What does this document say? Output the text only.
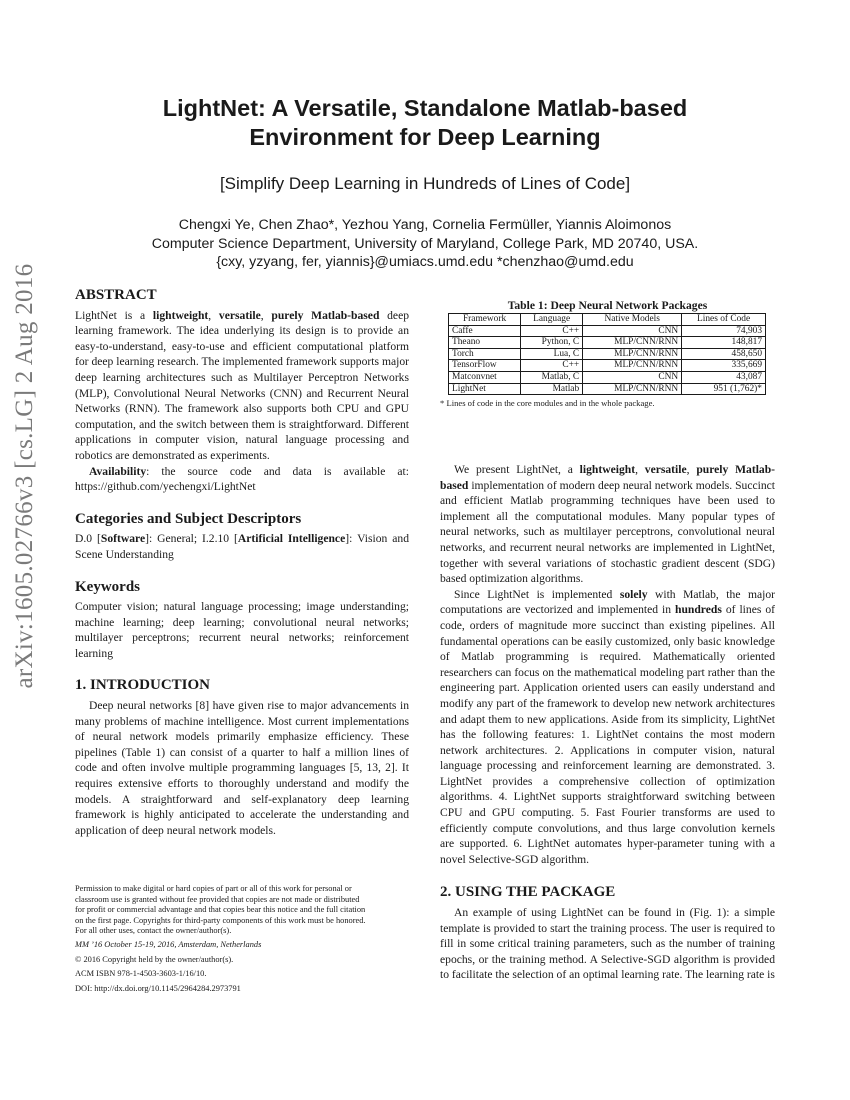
arXiv:1605.02766v3 [cs.LG] 2 Aug 2016
LightNet: A Versatile, Standalone Matlab-based
Environment for Deep Learning
[Simplify Deep Learning in Hundreds of Lines of Code]
Chengxi Ye, Chen Zhao*, Yezhou Yang, Cornelia Fermüller, Yiannis Aloimonos
Computer Science Department, University of Maryland, College Park, MD 20740, USA.
{cxy, yzyang, fer, yiannis}@umiacs.umd.edu *chenzhao@umd.edu
ABSTRACT

LightNet is a lightweight, versatile, purely Matlab-based deep learning framework. The idea underlying its design is to provide an easy-to-understand, easy-to-use and efficient computational platform for deep learning research. The implemented framework supports major deep learning architectures such as Multilayer Perceptron Networks (MLP), Convolutional Neural Networks (CNN) and Recurrent Neural Networks (RNN). The framework also supports both CPU and GPU computation, and the switch between them is straightforward. Different applications in computer vision, natural language processing and robotics are demonstrated as experiments.

Availability: the source code and data is available at: https://github.com/yechengxi/LightNet

Categories and Subject Descriptors

D.0 [Software]: General; I.2.10 [Artificial Intelligence]: Vision and Scene Understanding

Keywords

Computer vision; natural language processing; image understanding; machine learning; deep learning; convolutional neural networks; multilayer perceptrons; recurrent neural networks; reinforcement learning

1. INTRODUCTION

Deep neural networks [8] have given rise to major advancements in many problems of machine intelligence. Most current implementations of neural network models primarily emphasize efficiency. These pipelines (Table 1) can consist of a quarter to half a million lines of code and often involve multiple programming languages [5, 13, 2]. It requires extensive efforts to thoroughly understand and modify the models. A straightforward and self-explanatory deep learning framework is highly anticipated to accelerate the understanding and application of deep neural network models.

Permission to make digital or hard copies of part or all of this work for personal or
classroom use is granted without fee provided that copies are not made or distributed
for profit or commercial advantage and that copies bear this notice and the full citation
on the first page. Copyrights for third-party components of this work must be honored.
For all other uses, contact the owner/author(s).
MM ’16 October 15-19, 2016, Amsterdam, Netherlands
© 2016 Copyright held by the owner/author(s).
ACM ISBN 978-1-4503-3603-1/16/10.
DOI: http://dx.doi.org/10.1145/2964284.2973791
Table 1: Deep Neural Network Packages
Framework	Language	Native Models	Lines of Code
Caffe	C++	CNN	74,903
Theano	Python, C	MLP/CNN/RNN	148,817
Torch	Lua, C	MLP/CNN/RNN	458,650
TensorFlow	C++	MLP/CNN/RNN	335,669
Matconvnet	Matlab, C	CNN	43,087
LightNet	Matlab	MLP/CNN/RNN	951 (1,762)*
* Lines of code in the core modules and in the whole package.

We present LightNet, a lightweight, versatile, purely Matlab-based implementation of modern deep neural network models. Succinct and efficient Matlab programming techniques have been used to implement all the computational modules. Many popular types of neural networks, such as multilayer perceptrons, convolutional neural networks, and recurrent neural networks are implemented in LightNet, together with several variations of stochastic gradient descent (SDG) based optimization algorithms.

Since LightNet is implemented solely with Matlab, the major computations are vectorized and implemented in hundreds of lines of code, orders of magnitude more succinct than existing pipelines. All fundamental operations can be easily customized, only basic knowledge of Matlab programming is required. Mathematically oriented researchers can focus on the mathematical modeling part rather than the engineering part. Application oriented users can easily understand and modify any part of the framework to develop new network architectures and adapt them to new applications. Aside from its simplicity, LightNet has the following features: 1. LightNet contains the most modern network architectures. 2. Applications in computer vision, natural language processing and reinforcement learning are demonstrated. 3. LightNet provides a comprehensive collection of optimization algorithms. 4. LightNet supports straightforward switching between CPU and GPU computing. 5. Fast Fourier transforms are used to efficiently compute convolutions, and thus large convolution kernels are supported. 6. LightNet automates hyper-parameter tuning with a novel Selective-SGD algorithm.

2. USING THE PACKAGE

An example of using LightNet can be found in (Fig. 1): a simple template is provided to start the training process. The user is required to fill in some critical training parameters, such as the number of training epochs, or the training method. A Selective-SGD algorithm is provided to facilitate the selection of an optimal learning rate. The learning rate is
